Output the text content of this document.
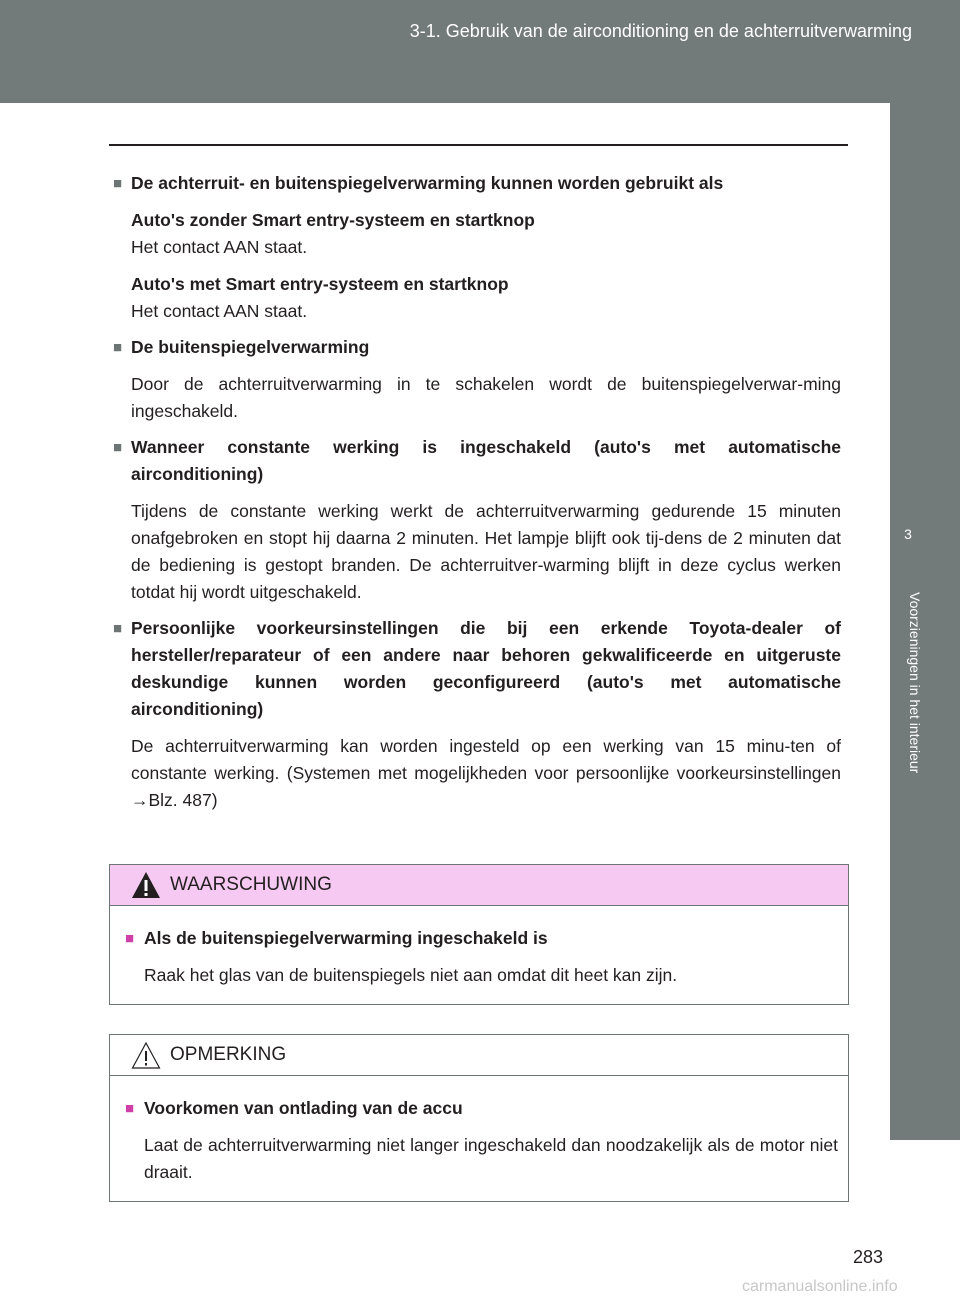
3-1. Gebruik van de airconditioning en de achterruitverwarming
3
Voorzieningen in het interieur
■ De achterruit- en buitenspiegelverwarming kunnen worden gebruikt als
Auto's zonder Smart entry-systeem en startknop
Het contact AAN staat.
Auto's met Smart entry-systeem en startknop
Het contact AAN staat.
■ De buitenspiegelverwarming
Door de achterruitverwarming in te schakelen wordt de buitenspiegelverwar-ming ingeschakeld.
■ Wanneer constante werking is ingeschakeld (auto's met automatische airconditioning)
Tijdens de constante werking werkt de achterruitverwarming gedurende 15 minuten onafgebroken en stopt hij daarna 2 minuten. Het lampje blijft ook tij-dens de 2 minuten dat de bediening is gestopt branden. De achterruitver-warming blijft in deze cyclus werken totdat hij wordt uitgeschakeld.
■ Persoonlijke voorkeursinstellingen die bij een erkende Toyota-dealer of hersteller/reparateur of een andere naar behoren gekwalificeerde en uitgeruste deskundige kunnen worden geconfigureerd (auto's met automatische airconditioning)
De achterruitverwarming kan worden ingesteld op een werking van 15 minu-ten of constante werking. (Systemen met mogelijkheden voor persoonlijke voorkeursinstellingen →Blz. 487)
WAARSCHUWING
■ Als de buitenspiegelverwarming ingeschakeld is
Raak het glas van de buitenspiegels niet aan omdat dit heet kan zijn.
OPMERKING
■ Voorkomen van ontlading van de accu
Laat de achterruitverwarming niet langer ingeschakeld dan noodzakelijk als de motor niet draait.
283
carmanualsonline.info
